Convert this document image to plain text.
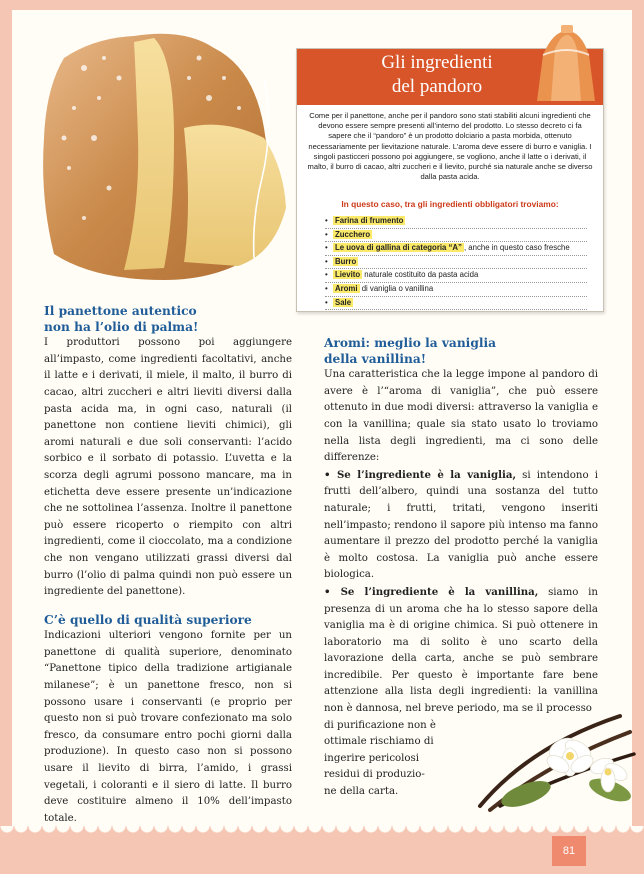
Gli ingredienti
del pandoro
Come per il panettone, anche per il pandoro sono stati stabiliti alcuni ingredienti che devono essere sempre presenti all’interno del prodotto. Lo stesso decreto ci fa sapere che il “pandoro” è un prodotto dolciario a pasta morbida, ottenuto necessariamente per lievitazione naturale. L’aroma deve essere di burro e vaniglia. I singoli pasticceri possono poi aggiungere, se vogliono, anche il latte o i derivati, il malto, il burro di cacao, altri zuccheri e il lievito, purché sia naturale anche se diverso dalla pasta acida.
In questo caso, tra gli ingredienti obbligatori troviamo:
• Farina di frumento
• Zucchero
• Le uova di gallina di categoria “A” , anche in questo caso fresche
• Burro
• Lievito naturale costituito da pasta acida
• Aromi di vaniglia o vanillina
• Sale
Il panettone autentico
non ha l’olio di palma!

I produttori possono poi aggiungere all’impasto, come ingredienti facoltativi, anche il latte e i derivati, il miele, il malto, il burro di cacao, altri zuccheri e altri lieviti diversi dalla pasta acida ma, in ogni caso, naturali (il panettone non contiene lieviti chimici), gli aromi naturali e due soli conservanti: l’acido sorbico e il sorbato di potassio. L’uvetta e la scorza degli agrumi possono mancare, ma in etichetta deve essere presente un’indicazione che ne sottolinea l’assenza. Inoltre il panettone può essere ricoperto o riempito con altri ingredienti, come il cioccolato, ma a condizione che non vengano utilizzati grassi diversi dal burro (l’olio di palma quindi non può essere un ingrediente del panettone).

C’è quello di qualità superiore

Indicazioni ulteriori vengono fornite per un panettone di qualità superiore, denominato “Panettone tipico della tradizione artigianale milanese”; è un panettone fresco, non si possono usare i conservanti (e proprio per questo non si può trovare confezionato ma solo fresco, da consumare entro pochi giorni dalla produzione). In questo caso non si possono usare il lievito di birra, l’amido, i grassi vegetali, i coloranti e il siero di latte. Il burro deve costituire almeno il 10% dell’impasto totale.

Aromi: meglio la vaniglia
della vanillina!

Una caratteristica che la legge impone al pandoro di avere è l’“aroma di vaniglia”, che può essere ottenuto in due modi diversi: attraverso la vaniglia e con la vanillina; quale sia stato usato lo troviamo nella lista degli ingredienti, ma ci sono delle differenze:

• Se l’ingrediente è la vaniglia, si intendono i frutti dell’albero, quindi una sostanza del tutto naturale; i frutti, tritati, vengono inseriti nell’impasto; rendono il sapore più intenso ma fanno aumentare il prezzo del prodotto perché la vaniglia è molto costosa. La vaniglia può anche essere biologica.

• Se l’ingrediente è la vanillina, siamo in presenza di un aroma che ha lo stesso sapore della vaniglia ma è di origine chimica. Si può ottenere in laboratorio ma di solito è uno scarto della lavorazione della carta, anche se può sembrare incredibile. Per questo è importante fare bene attenzione alla lista degli ingredienti: la vanillina non è dannosa, nel breve periodo, ma se il processo

di purificazione non è
ottimale rischiamo di
ingerire pericolosi
residui di produzio-
ne della carta.
81
